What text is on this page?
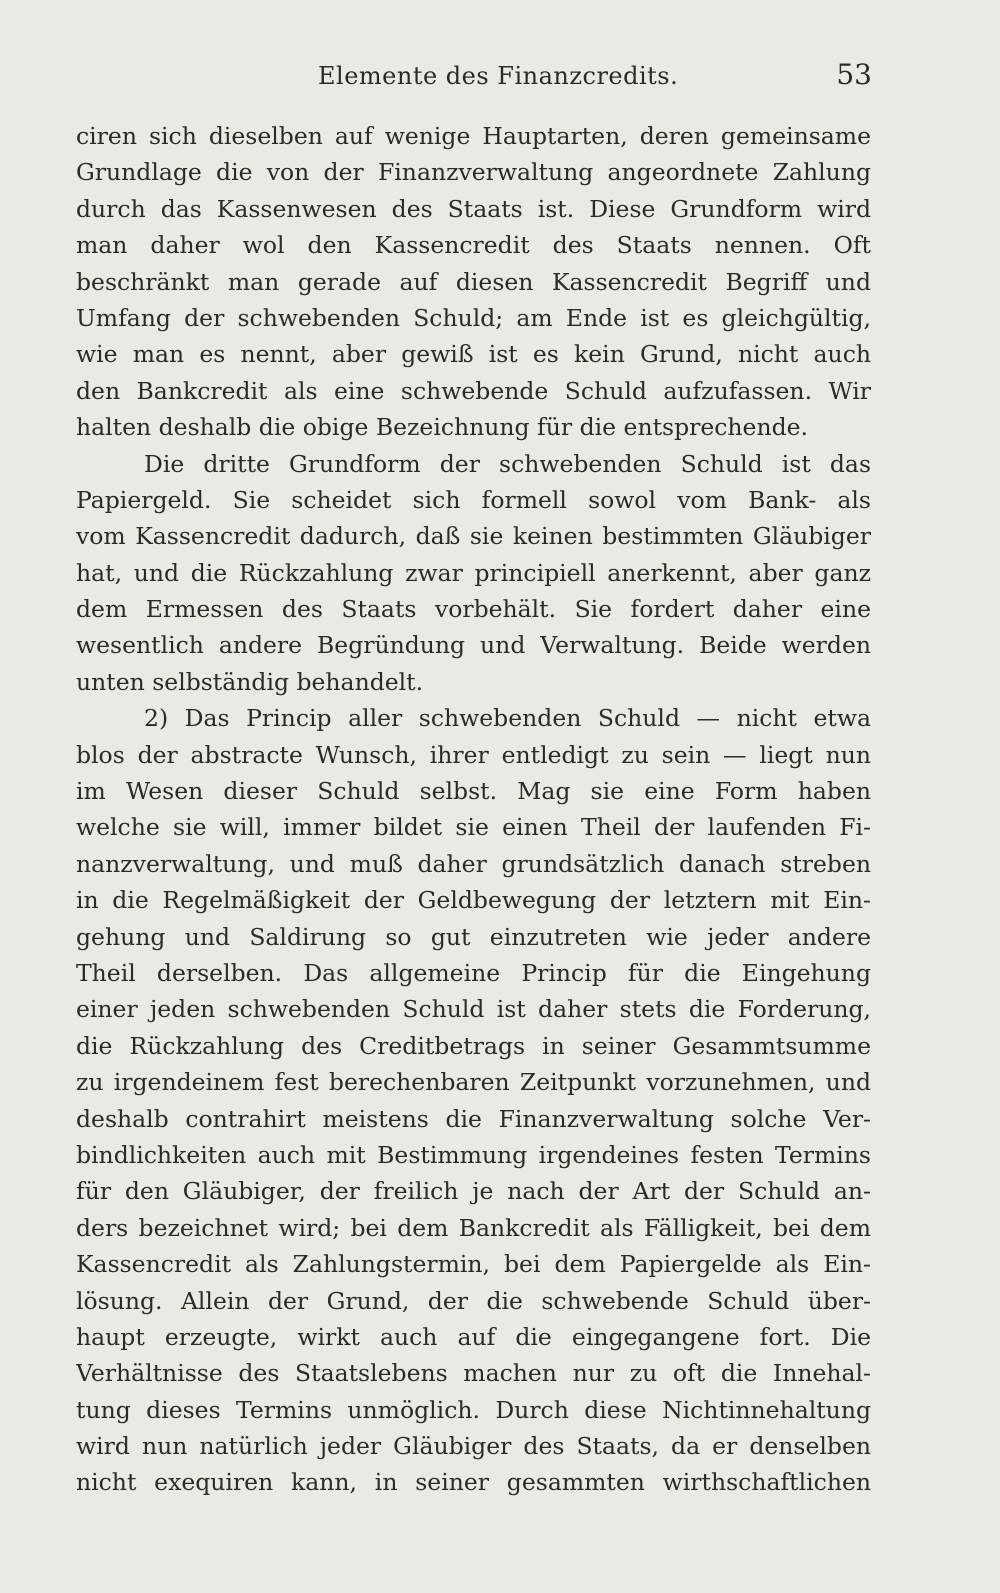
Elemente des Finanzcredits.	53
ciren sich dieselben auf wenige Hauptarten, deren gemeinsame
Grundlage die von der Finanzverwaltung angeordnete Zahlung
durch das Kassenwesen des Staats ist. Diese Grundform wird
man daher wol den Kassencredit des Staats nennen. Oft
beschränkt man gerade auf diesen Kassencredit Begriff und
Umfang der schwebenden Schuld; am Ende ist es gleichgültig,
wie man es nennt, aber gewiß ist es kein Grund, nicht auch
den Bankcredit als eine schwebende Schuld aufzufassen. Wir
halten deshalb die obige Bezeichnung für die entsprechende.
Die dritte Grundform der schwebenden Schuld ist das
Papiergeld. Sie scheidet sich formell sowol vom Bank- als
vom Kassencredit dadurch, daß sie keinen bestimmten Gläubiger
hat, und die Rückzahlung zwar principiell anerkennt, aber ganz
dem Ermessen des Staats vorbehält. Sie fordert daher eine
wesentlich andere Begründung und Verwaltung. Beide werden
unten selbständig behandelt.
2) Das Princip aller schwebenden Schuld — nicht etwa
blos der abstracte Wunsch, ihrer entledigt zu sein — liegt nun
im Wesen dieser Schuld selbst. Mag sie eine Form haben
welche sie will, immer bildet sie einen Theil der laufenden Fi-
nanzverwaltung, und muß daher grundsätzlich danach streben
in die Regelmäßigkeit der Geldbewegung der letztern mit Ein-
gehung und Saldirung so gut einzutreten wie jeder andere
Theil derselben. Das allgemeine Princip für die Eingehung
einer jeden schwebenden Schuld ist daher stets die Forderung,
die Rückzahlung des Creditbetrags in seiner Gesammtsumme
zu irgendeinem fest berechenbaren Zeitpunkt vorzunehmen, und
deshalb contrahirt meistens die Finanzverwaltung solche Ver-
bindlichkeiten auch mit Bestimmung irgendeines festen Termins
für den Gläubiger, der freilich je nach der Art der Schuld an-
ders bezeichnet wird; bei dem Bankcredit als Fälligkeit, bei dem
Kassencredit als Zahlungstermin, bei dem Papiergelde als Ein-
lösung. Allein der Grund, der die schwebende Schuld über-
haupt erzeugte, wirkt auch auf die eingegangene fort. Die
Verhältnisse des Staatslebens machen nur zu oft die Innehal-
tung dieses Termins unmöglich. Durch diese Nichtinnehaltung
wird nun natürlich jeder Gläubiger des Staats, da er denselben
nicht exequiren kann, in seiner gesammten wirthschaftlichen
